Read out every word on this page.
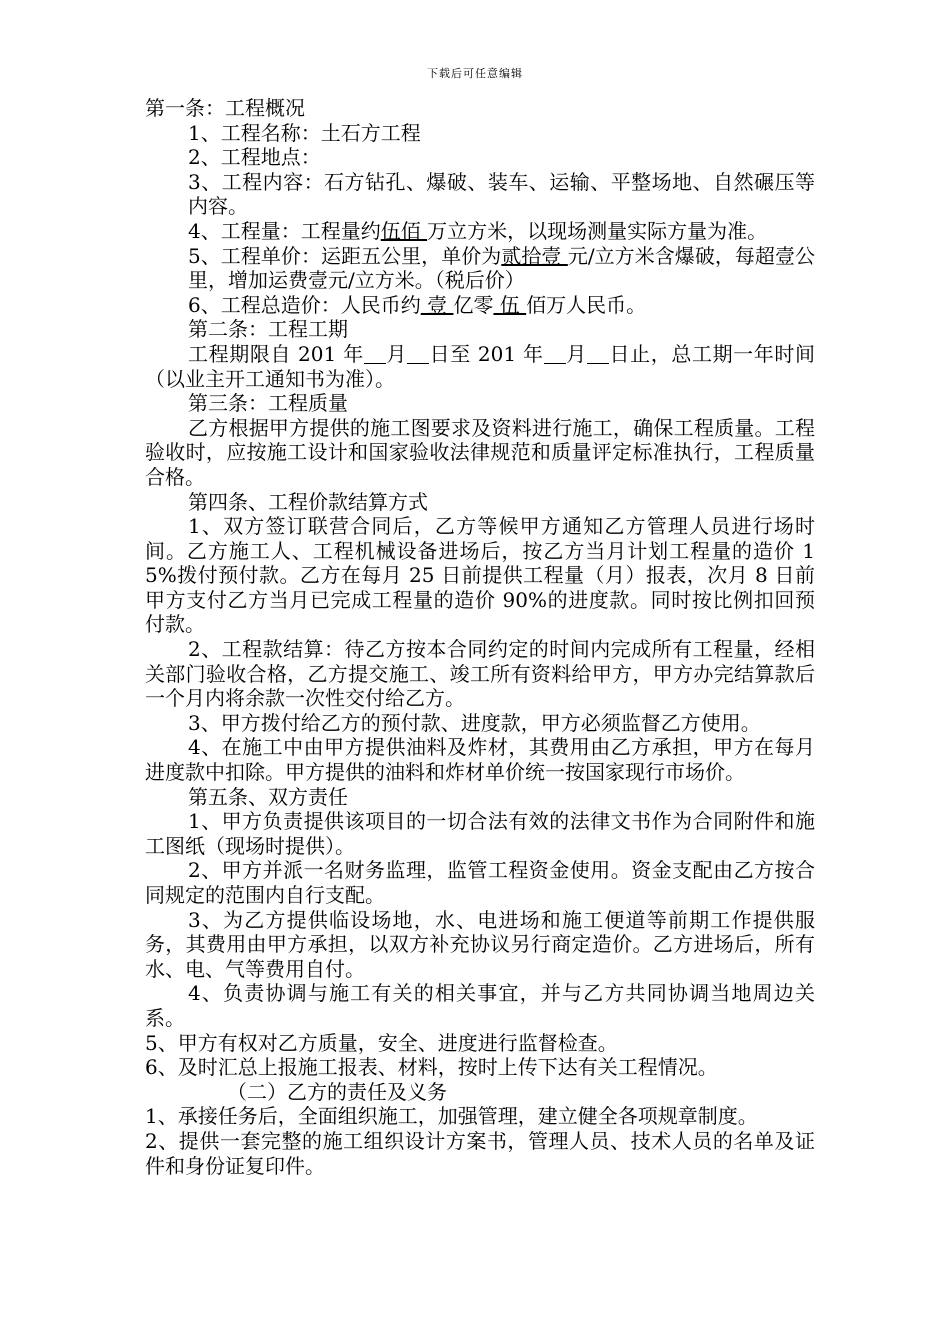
下载后可任意编辑

第一条：工程概况

1、工程名称：土石方工程

2、工程地点：

3、工程内容：石方钻孔、爆破、装车、运输、平整场地、自然碾压等内容。

4、工程量：工程量约伍佰 万立方米，以现场测量实际方量为准。

5、工程单价：运距五公里，单价为贰拾壹 元/立方米含爆破，每超壹公里，增加运费壹元/立方米。（税后价）

6、工程总造价：人民币约 壹 亿零 伍 佰万人民币。

第二条：工程工期

工程期限自 201 年 月 日至 201 年 月 日止，总工期一年时间（以业主开工通知书为准）。

第三条：工程质量

乙方根据甲方提供的施工图要求及资料进行施工，确保工程质量。工程验收时，应按施工设计和国家验收法律规范和质量评定标准执行，工程质量合格。

第四条、工程价款结算方式

1、双方签订联营合同后，乙方等候甲方通知乙方管理人员进行场时间。乙方施工人、工程机械设备进场后，按乙方当月计划工程量的造价 15%拨付预付款。乙方在每月 25 日前提供工程量（月）报表，次月 8 日前甲方支付乙方当月已完成工程量的造价 90%的进度款。同时按比例扣回预付款。

2、工程款结算：待乙方按本合同约定的时间内完成所有工程量，经相关部门验收合格，乙方提交施工、竣工所有资料给甲方，甲方办完结算款后一个月内将余款一次性交付给乙方。

3、甲方拨付给乙方的预付款、进度款，甲方必须监督乙方使用。

4、在施工中由甲方提供油料及炸材，其费用由乙方承担，甲方在每月进度款中扣除。甲方提供的油料和炸材单价统一按国家现行市场价。

第五条、双方责任

1、甲方负责提供该项目的一切合法有效的法律文书作为合同附件和施工图纸（现场时提供）。

2、甲方并派一名财务监理，监管工程资金使用。资金支配由乙方按合同规定的范围内自行支配。

3、为乙方提供临设场地，水、电进场和施工便道等前期工作提供服务，其费用由甲方承担，以双方补充协议另行商定造价。乙方进场后，所有水、电、气等费用自付。

4、负责协调与施工有关的相关事宜，并与乙方共同协调当地周边关系。

5、甲方有权对乙方质量，安全、进度进行监督检查。

6、及时汇总上报施工报表、材料，按时上传下达有关工程情况。

（二）乙方的责任及义务

1、承接任务后，全面组织施工，加强管理，建立健全各项规章制度。

2、提供一套完整的施工组织设计方案书，管理人员、技术人员的名单及证件和身份证复印件。
